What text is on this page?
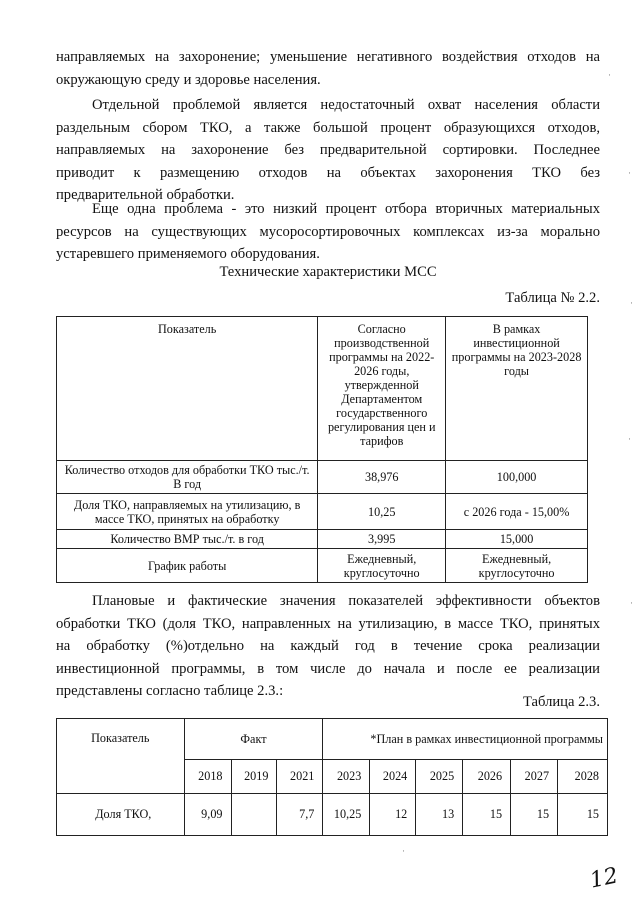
направляемых на захоронение; уменьшение негативного воздействия отходов на
окружающую среду и здоровье населения.
Отдельной проблемой является недостаточный охват населения области
раздельным сбором ТКО, а также большой процент образующихся отходов,
направляемых на захоронение без предварительной сортировки. Последнее
приводит к размещению отходов на объектах захоронения ТКО без
предварительной обработки.
Еще одна проблема - это низкий процент отбора вторичных материальных
ресурсов на существующих мусоросортировочных комплексах из-за морально
устаревшего применяемого оборудования.
Технические характеристики МСС
Таблица № 2.2.
Показатель	Согласно производственной программы на 2022-2026 годы, утвержденной Департаментом государственного регулирования цен и тарифов	В рамках инвестиционной программы на 2023-2028 годы
Количество отходов для обработки ТКО тыс./т. В год	38,976	100,000
Доля ТКО, направляемых на утилизацию, в массе ТКО, принятых на обработку	10,25	с 2026 года - 15,00%
Количество ВМР тыс./т. в год	3,995	15,000
График работы	Ежедневный, круглосуточно	Ежедневный, круглосуточно
Плановые и фактические значения показателей эффективности объектов
обработки ТКО (доля ТКО, направленных на утилизацию, в массе ТКО, принятых
на обработку (%)отдельно на каждый год в течение срока реализации
инвестиционной программы, в том числе до начала и после ее реализации
представлены согласно таблице 2.3.:
Таблица 2.3.
Показатель	Факт			*План в рамках инвестиционной программы					
	2018	2019	2021	2023	2024	2025	2026	2027	2028
Доля ТКО,	9,09		7,7	10,25	12	13	15	15	15
12
·
·
·
·
·
·
